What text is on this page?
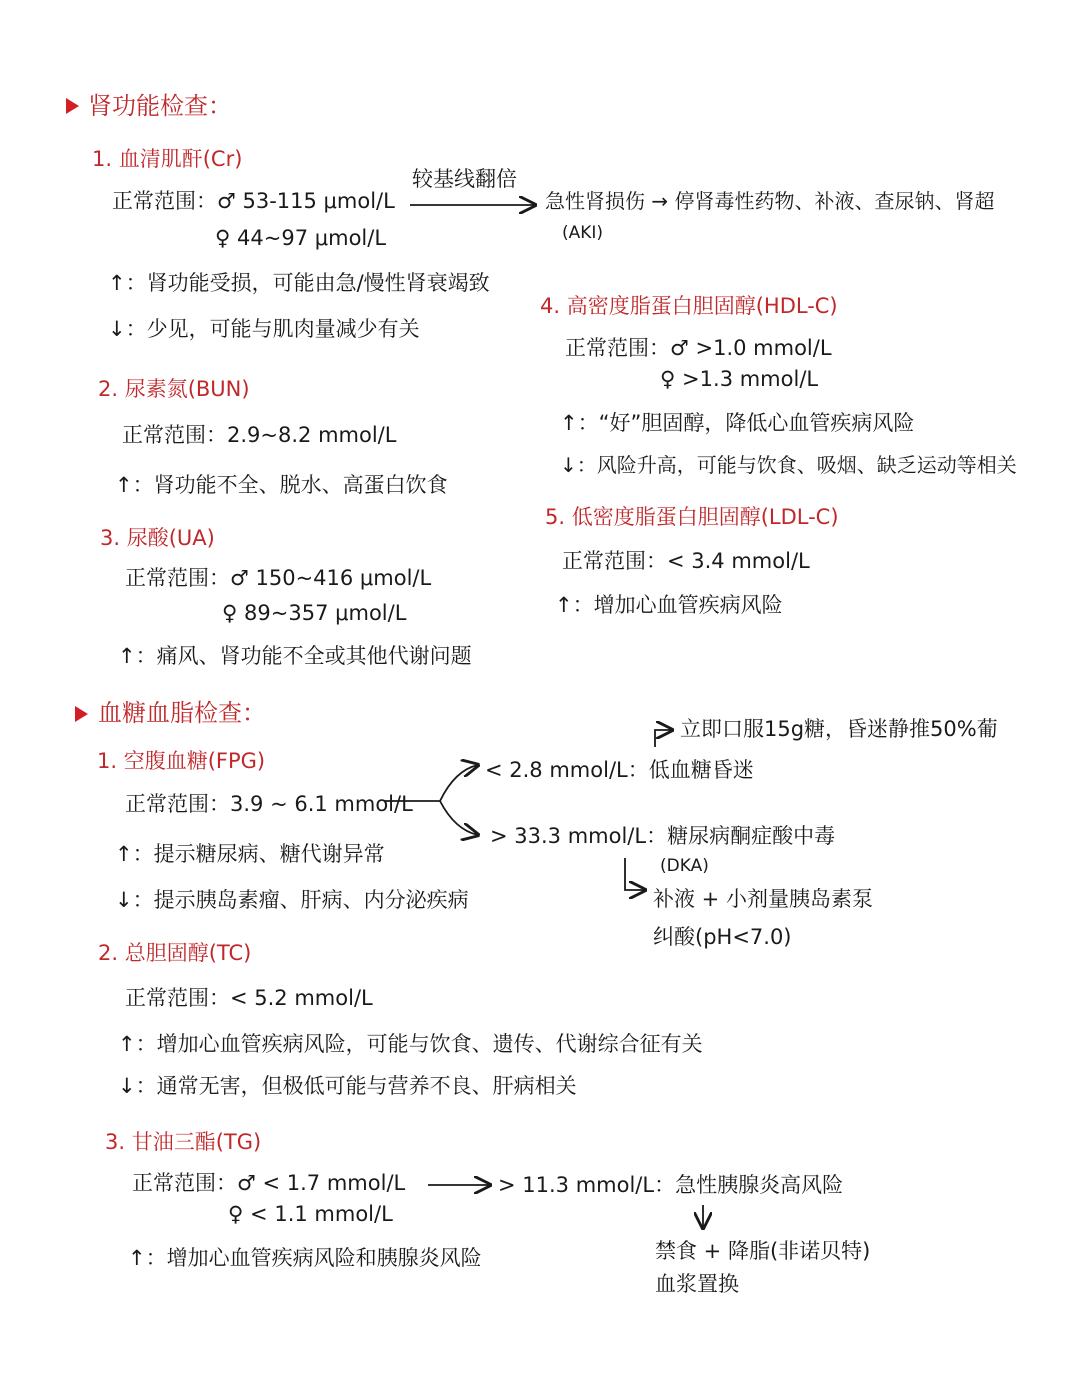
肾功能检查：
1. 血清肌酐(Cr)
正常范围：♂ 53-115 μmol/L
♀ 44~97 μmol/L
较基线翻倍
急性肾损伤 → 停肾毒性药物、补液、查尿钠、肾超
(AKI)
↑：肾功能受损，可能由急/慢性肾衰竭致
↓：少见，可能与肌肉量减少有关
2. 尿素氮(BUN)
正常范围：2.9~8.2 mmol/L
↑：肾功能不全、脱水、高蛋白饮食
3. 尿酸(UA)
正常范围：♂ 150~416 μmol/L
♀ 89~357 μmol/L
↑：痛风、肾功能不全或其他代谢问题
4. 高密度脂蛋白胆固醇(HDL-C)
正常范围：♂ >1.0 mmol/L
♀ >1.3 mmol/L
↑：“好”胆固醇，降低心血管疾病风险
↓：风险升高，可能与饮食、吸烟、缺乏运动等相关
5. 低密度脂蛋白胆固醇(LDL-C)
正常范围：< 3.4 mmol/L
↑：增加心血管疾病风险
血糖血脂检查：
1. 空腹血糖(FPG)
正常范围：3.9 ~ 6.1 mmol/L
↑：提示糖尿病、糖代谢异常
↓：提示胰岛素瘤、肝病、内分泌疾病
< 2.8 mmol/L：低血糖昏迷
立即口服15g糖，昏迷静推50%葡
> 33.3 mmol/L：糖尿病酮症酸中毒
(DKA)
补液 + 小剂量胰岛素泵
纠酸(pH<7.0)
2. 总胆固醇(TC)
正常范围：< 5.2 mmol/L
↑：增加心血管疾病风险，可能与饮食、遗传、代谢综合征有关
↓：通常无害，但极低可能与营养不良、肝病相关
3. 甘油三酯(TG)
正常范围：♂ < 1.7 mmol/L
♀ < 1.1 mmol/L
↑：增加心血管疾病风险和胰腺炎风险
> 11.3 mmol/L：急性胰腺炎高风险
禁食 + 降脂(非诺贝特)
血浆置换
